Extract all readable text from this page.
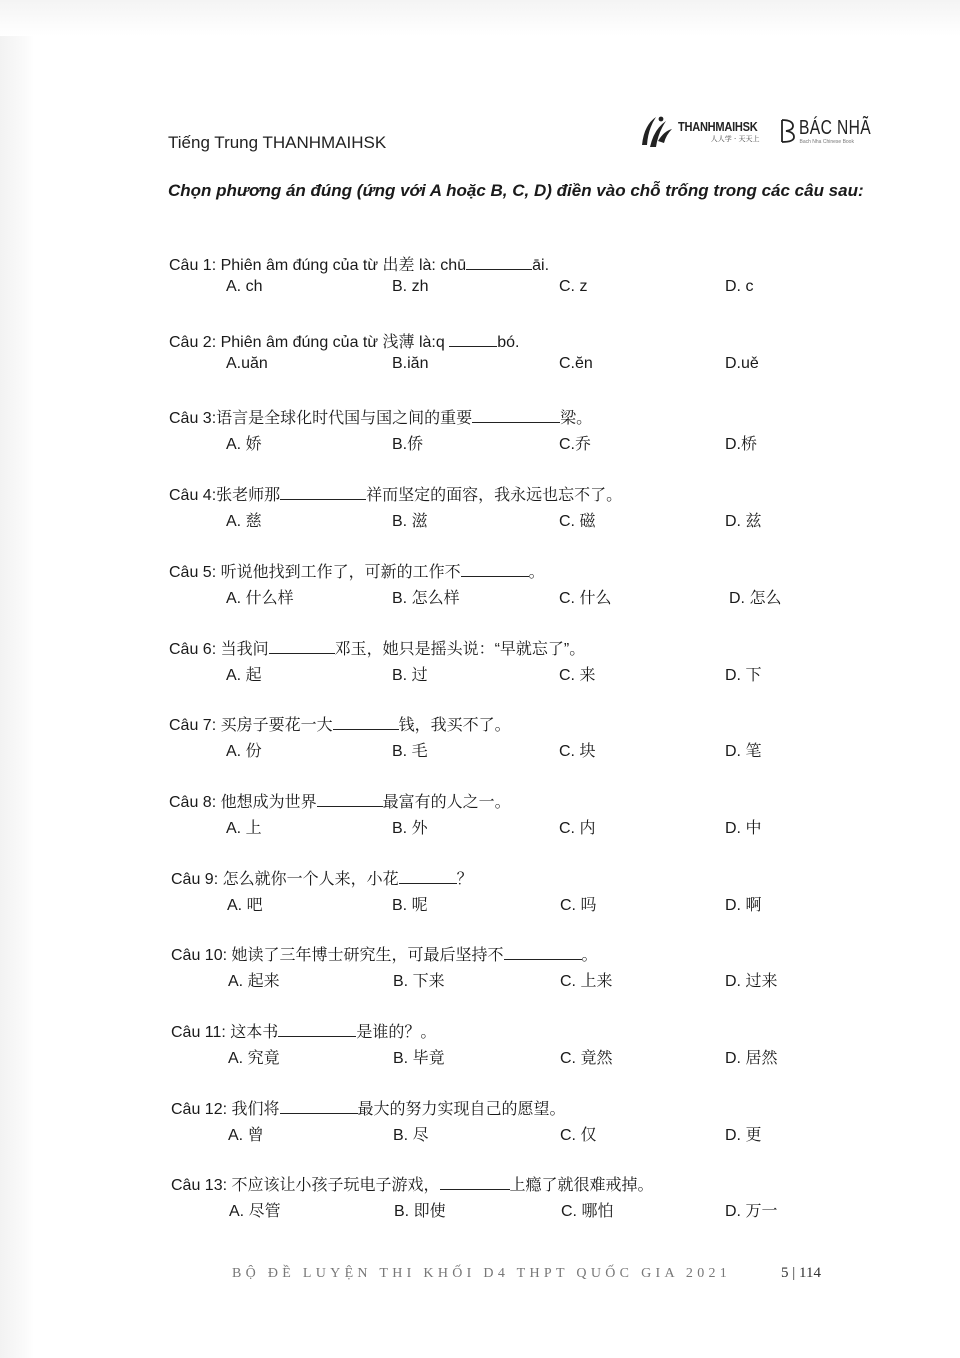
Tiếng Trung THANHMAIHSK
THANHMAIHSK
人人学 · 天天上	BÁC NHÃ
Bach Nha Chinese Book
Chọn phương án đúng (ứng với A hoặc B, C, D) điền vào chỗ trống trong các câu sau:
Câu 1: Phiên âm đúng của từ 出差 là: chū	āi.
A. ch	B. zh	C. z	D. c
Câu 2: Phiên âm đúng của từ 浅薄 là:q	bó.
A.uăn	B.iăn	C.ĕn	D.uě
Câu 3:语言是全球化时代国与国之间的重要	梁。
A. 娇	B.侨	C.乔	D.桥
Câu 4:张老师那	祥而坚定的面容，我永远也忘不了。
A. 慈	B. 滋	C. 磁	D. 兹
Câu 5: 听说他找到工作了，可新的工作不	。
A. 什么样	B. 怎么样	C. 什么	D. 怎么
Câu 6: 当我问	邓玉，她只是摇头说：“早就忘了”。
A. 起	B. 过	C. 来	D. 下
Câu 7: 买房子要花一大	钱，我买不了。
A. 份	B. 毛	C. 块	D. 笔
Câu 8: 他想成为世界	最富有的人之一。
A. 上	B. 外	C. 内	D. 中
Câu 9: 怎么就你一个人来，小花	？
A. 吧	B. 呢	C. 吗	D. 啊
Câu 10: 她读了三年博士研究生，可最后坚持不	。
A. 起来	B. 下来	C. 上来	D. 过来
Câu 11: 这本书	是谁的？。
A. 究竟	B. 毕竟	C. 竟然	D. 居然
Câu 12: 我们将	最大的努力实现自己的愿望。
A. 曾	B. 尽	C. 仅	D. 更
Câu 13: 不应该让小孩子玩电子游戏，	上瘾了就很难戒掉。
A. 尽管	B. 即使	C. 哪怕	D. 万一
BỘ ĐỀ LUYỆN THI KHỐI D4 THPT QUỐC GIA 2021	5 | 114
